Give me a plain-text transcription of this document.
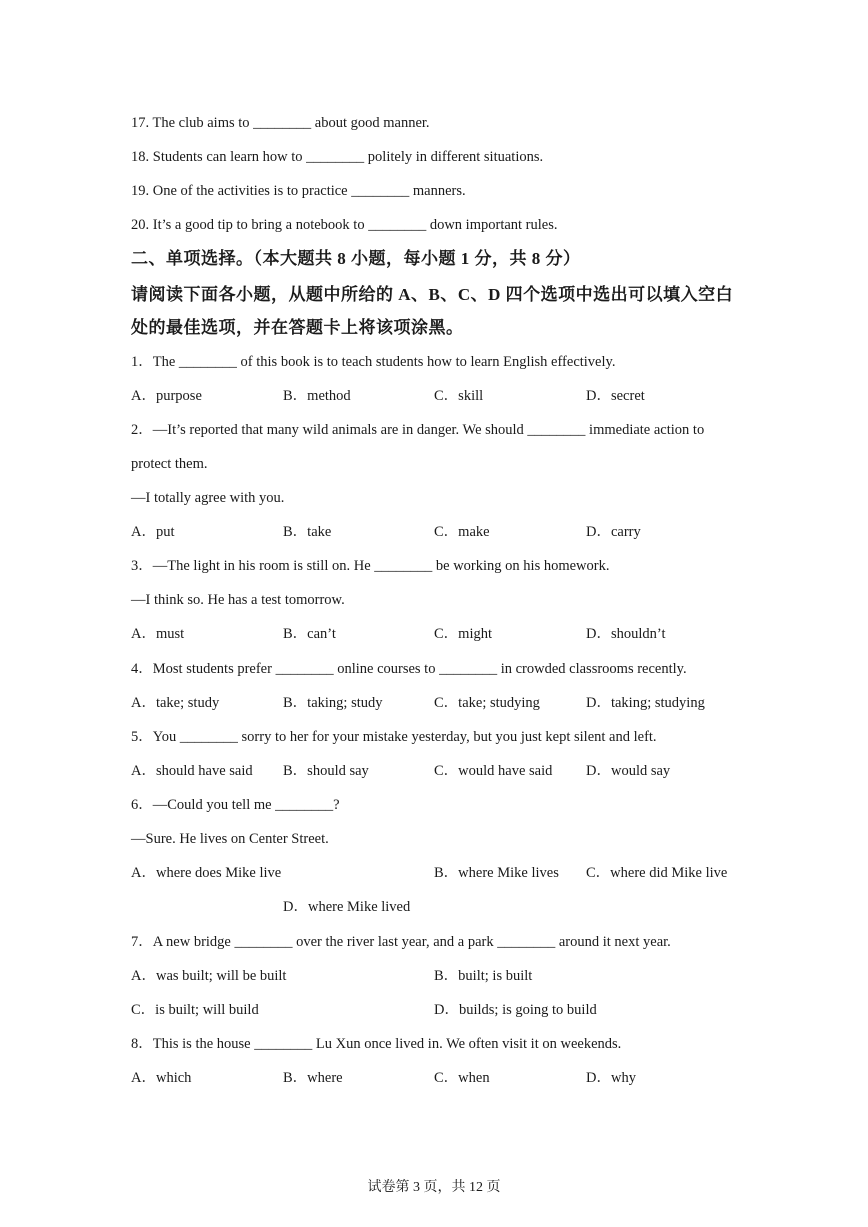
17. The club aims to ________ about good manner.
18. Students can learn how to ________ politely in different situations.
19. One of the activities is to practice ________ manners.
20. It’s a good tip to bring a notebook to ________ down important rules.
二、单项选择。（本大题共 8 小题，每小题 1 分，共 8 分）
请阅读下面各小题，从题中所给的 A、B、C、D 四个选项中选出可以填入空白
处的最佳选项，并在答题卡上将该项涂黑。
1．The ________ of this book is to teach students how to learn English effectively.
A．purpose	B．method	C．skill	D．secret
2．—It’s reported that many wild animals are in danger. We should ________ immediate action to
protect them.
—I totally agree with you.
A．put	B．take	C．make	D．carry
3．—The light in his room is still on. He ________ be working on his homework.
—I think so. He has a test tomorrow.
A．must	B．can’t	C．might	D．shouldn’t
4．Most students prefer ________ online courses to ________ in crowded classrooms recently.
A．take; study	B．taking; study	C．take; studying	D．taking; studying
5．You ________ sorry to her for your mistake yesterday, but you just kept silent and left.
A．should have said B．should say	C．would have said D．would say
6．—Could you tell me ________?
—Sure. He lives on Center Street.
A．where does Mike live	B．where Mike lives C．where did Mike live
D．where Mike lived
7．A new bridge ________ over the river last year, and a park ________ around it next year.
A．was built; will be built	B．built; is built
C．is built; will build	D．builds; is going to build
8．This is the house ________ Lu Xun once lived in. We often visit it on weekends.
A．which	B．where	C．when	D．why
试卷第 3 页，共 12 页
